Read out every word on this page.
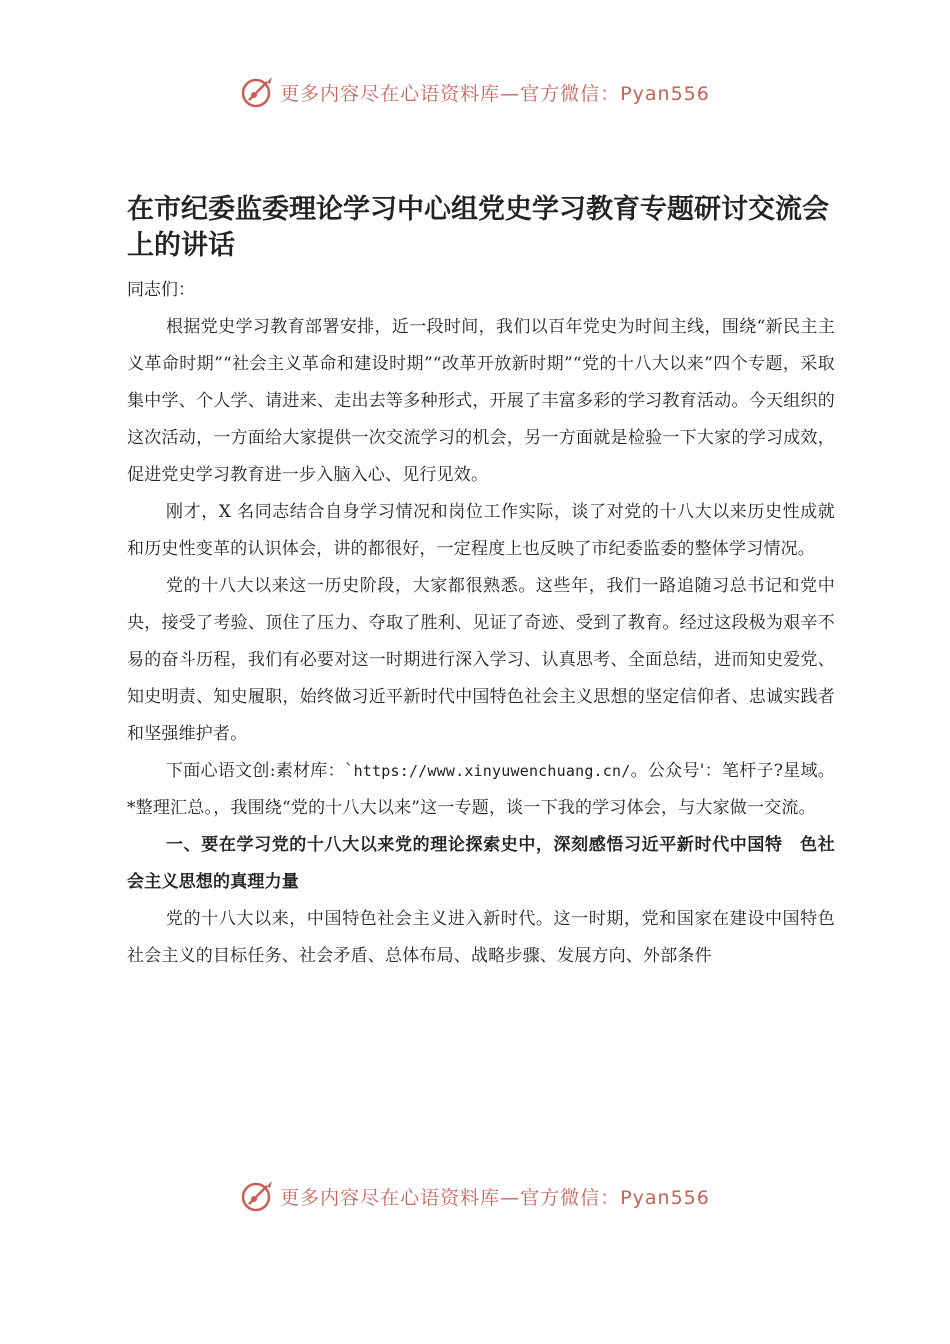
更多内容尽在心语资料库—官方微信：Pyan556
在市纪委监委理论学习中心组党史学习教育专题研讨交流会上的讲话
同志们：

根据党史学习教育部署安排，近一段时间，我们以百年党史为时间主线，围绕“新民主主义革命时期”“社会主义革命和建设时期”“改革开放新时期”“党的十八大以来”四个专题，采取集中学、个人学、请进来、走出去等多种形式，开展了丰富多彩的学习教育活动。今天组织的这次活动，一方面给大家提供一次交流学习的机会，另一方面就是检验一下大家的学习成效，促进党史学习教育进一步入脑入心、见行见效。

刚才，X 名同志结合自身学习情况和岗位工作实际，谈了对党的十八大以来历史性成就和历史性变革的认识体会，讲的都很好，一定程度上也反映了市纪委监委的整体学习情况。

党的十八大以来这一历史阶段，大家都很熟悉。这些年，我们一路追随习总书记和党中央，接受了考验、顶住了压力、夺取了胜利、见证了奇迹、受到了教育。经过这段极为艰辛不易的奋斗历程，我们有必要对这一时期进行深入学习、认真思考、全面总结，进而知史爱党、知史明责、知史履职，始终做习近平新时代中国特色社会主义思想的坚定信仰者、忠诚实践者和坚强维护者。

下面心语文创:素材库：`https://www.xinyuwenchuang.cn/。公众号'：笔杆子?星域。*整理汇总。，我围绕“党的十八大以来”这一专题，谈一下我的学习体会，与大家做一交流。

一、要在学习党的十八大以来党的理论探索史中，深刻感悟习近平新时代中国特　色社会主义思想的真理力量

党的十八大以来，中国特色社会主义进入新时代。这一时期，党和国家在建设中国特色社会主义的目标任务、社会矛盾、总体布局、战略步骤、发展方向、外部条件

更多内容尽在心语资料库—官方微信：Pyan556
